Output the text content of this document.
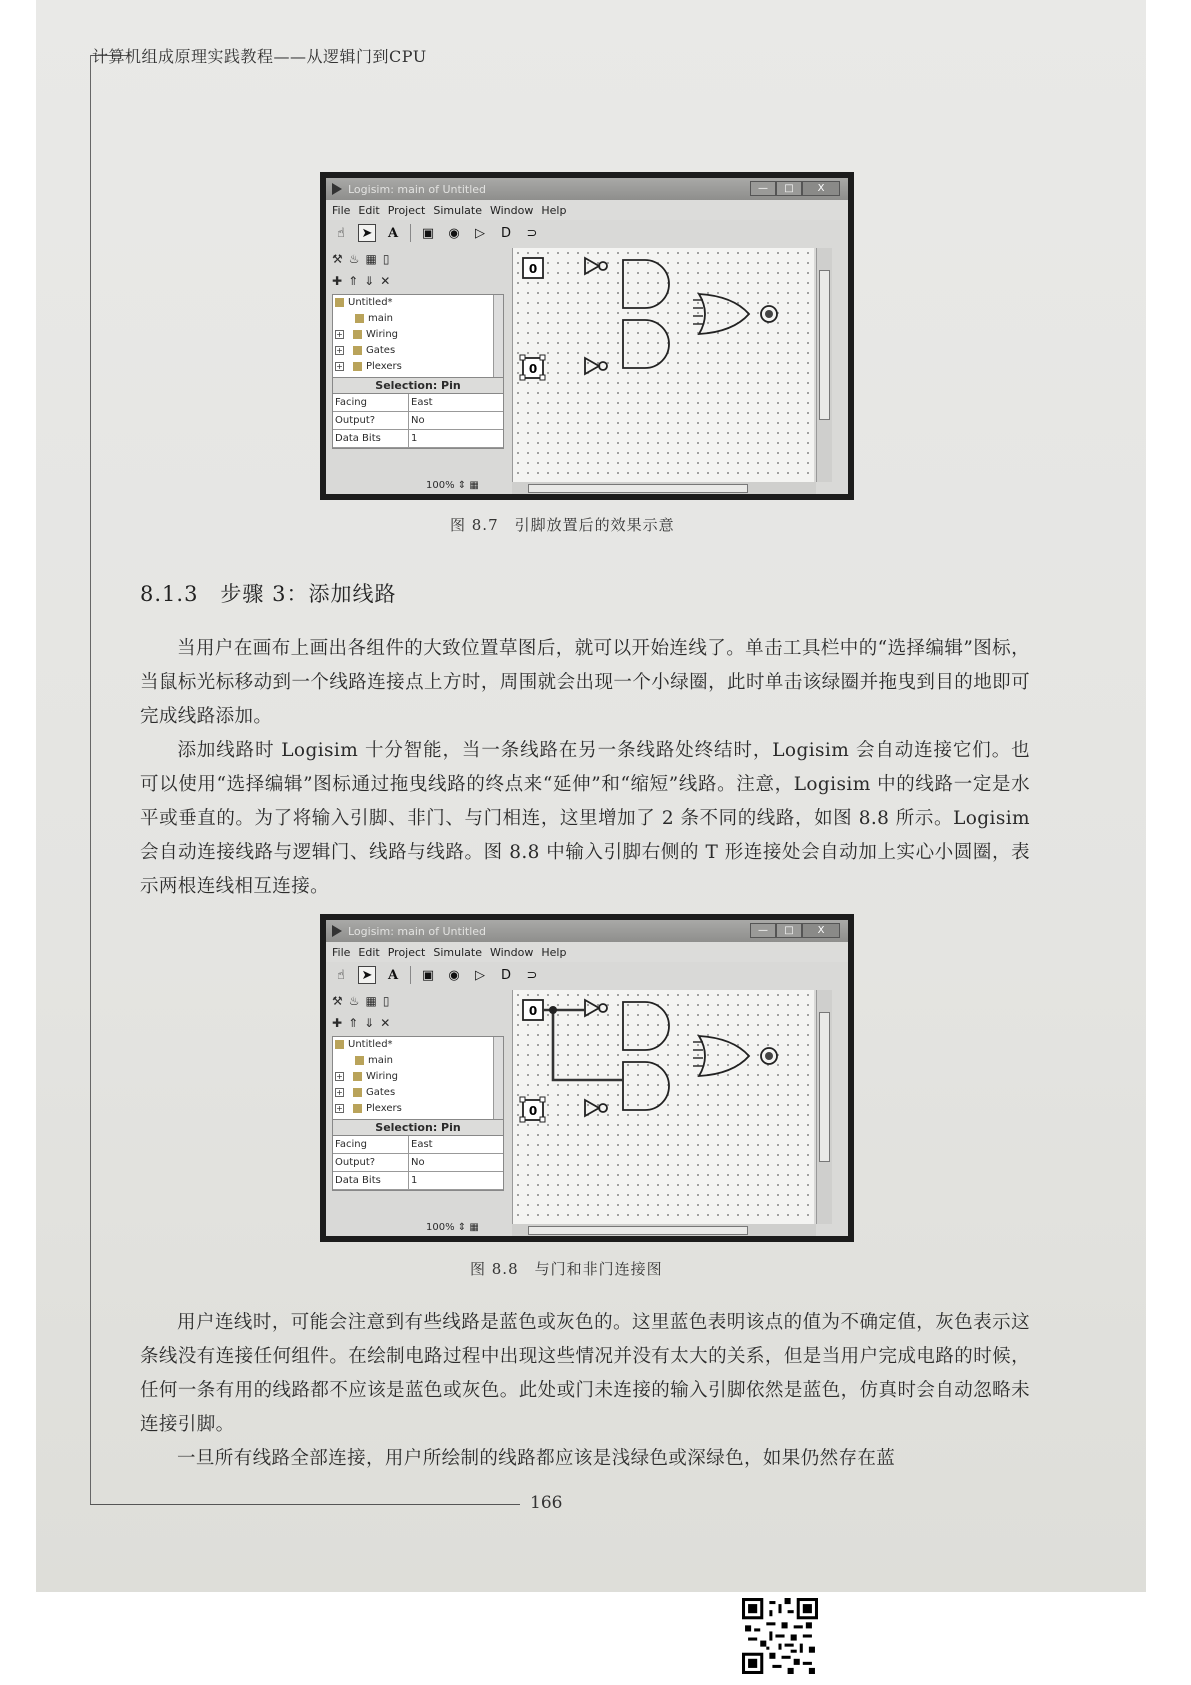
计算机组成原理实践教程——从逻辑门到CPU
Logisim: main of Untitled	—	□	X
File Edit Project Simulate Window Help
☝	➤	A	▣ ◉	▷	D	⊃
⚒ ♨ ▦ ▯
✚ ⇑ ⇓ ✕
Untitled*
main
+ Wiring
+ Gates
+ Plexers
Selection: Pin
Facing	East
Output?	No
Data Bits	1
100% ⇕ ▦
0
0
图 8.7　引脚放置后的效果示意
8.1.3　步骤 3：添加线路
当用户在画布上画出各组件的大致位置草图后，就可以开始连线了。单击工具栏中的“选择编辑”图标，当鼠标光标移动到一个线路连接点上方时，周围就会出现一个小绿圈，此时单击该绿圈并拖曳到目的地即可完成线路添加。
添加线路时 Logisim 十分智能，当一条线路在另一条线路处终结时，Logisim 会自动连接它们。也可以使用“选择编辑”图标通过拖曳线路的终点来“延伸”和“缩短”线路。注意，Logisim 中的线路一定是水平或垂直的。为了将输入引脚、非门、与门相连，这里增加了 2 条不同的线路，如图 8.8 所示。Logisim 会自动连接线路与逻辑门、线路与线路。图 8.8 中输入引脚右侧的 T 形连接处会自动加上实心小圆圈，表示两根连线相互连接。
Logisim: main of Untitled	—	□	X
File Edit Project Simulate Window Help
☝	➤	A	▣ ◉	▷	D	⊃
⚒ ♨ ▦ ▯
✚ ⇑ ⇓ ✕
Untitled*
main
+ Wiring
+ Gates
+ Plexers
Selection: Pin
Facing	East
Output?	No
Data Bits	1
100% ⇕ ▦
0
0
图 8.8　与门和非门连接图
用户连线时，可能会注意到有些线路是蓝色或灰色的。这里蓝色表明该点的值为不确定值，灰色表示这条线没有连接任何组件。在绘制电路过程中出现这些情况并没有太大的关系，但是当用户完成电路的时候，任何一条有用的线路都不应该是蓝色或灰色。此处或门未连接的输入引脚依然是蓝色，仿真时会自动忽略未连接引脚。
一旦所有线路全部连接，用户所绘制的线路都应该是浅绿色或深绿色，如果仍然存在蓝
166
